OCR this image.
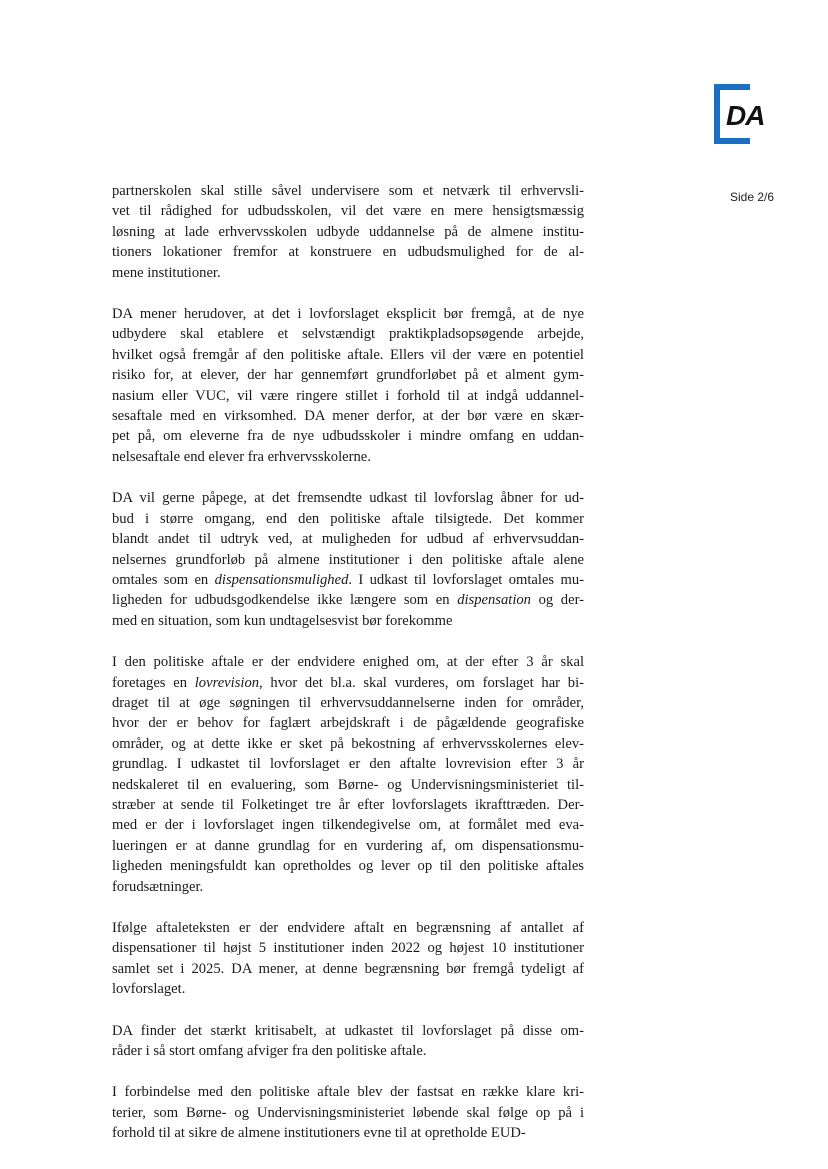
DA
Side 2/6

partnerskolen skal stille såvel undervisere som et netværk til erhvervsli-
vet til rådighed for udbudsskolen, vil det være en mere hensigtsmæssig
løsning at lade erhvervsskolen udbyde uddannelse på de almene institu-
tioners lokationer fremfor at konstruere en udbudsmulighed for de al-
mene institutioner.

DA mener herudover, at det i lovforslaget eksplicit bør fremgå, at de nye
udbydere skal etablere et selvstændigt praktikpladsopsøgende arbejde,
hvilket også fremgår af den politiske aftale. Ellers vil der være en potentiel
risiko for, at elever, der har gennemført grundforløbet på et alment gym-
nasium eller VUC, vil være ringere stillet i forhold til at indgå uddannel-
sesaftale med en virksomhed. DA mener derfor, at der bør være en skær-
pet på, om eleverne fra de nye udbudsskoler i mindre omfang en uddan-
nelsesaftale end elever fra erhvervsskolerne.

DA vil gerne påpege, at det fremsendte udkast til lovforslag åbner for ud-
bud i større omgang, end den politiske aftale tilsigtede. Det kommer
blandt andet til udtryk ved, at muligheden for udbud af erhvervsuddan-
nelsernes grundforløb på almene institutioner i den politiske aftale alene
omtales som en dispensationsmulighed. I udkast til lovforslaget omtales mu-
ligheden for udbudsgodkendelse ikke længere som en dispensation og der-
med en situation, som kun undtagelsesvist bør forekomme

I den politiske aftale er der endvidere enighed om, at der efter 3 år skal
foretages en lovrevision, hvor det bl.a. skal vurderes, om forslaget har bi-
draget til at øge søgningen til erhvervsuddannelserne inden for områder,
hvor der er behov for faglært arbejdskraft i de pågældende geografiske
områder, og at dette ikke er sket på bekostning af erhvervsskolernes elev-
grundlag. I udkastet til lovforslaget er den aftalte lovrevision efter 3 år
nedskaleret til en evaluering, som Børne- og Undervisningsministeriet til-
stræber at sende til Folketinget tre år efter lovforslagets ikrafttræden. Der-
med er der i lovforslaget ingen tilkendegivelse om, at formålet med eva-
lueringen er at danne grundlag for en vurdering af, om dispensationsmu-
ligheden meningsfuldt kan opretholdes og lever op til den politiske aftales
forudsætninger.

Ifølge aftaleteksten er der endvidere aftalt en begrænsning af antallet af
dispensationer til højst 5 institutioner inden 2022 og højest 10 institutioner
samlet set i 2025. DA mener, at denne begrænsning bør fremgå tydeligt af
lovforslaget.

DA finder det stærkt kritisabelt, at udkastet til lovforslaget på disse om-
råder i så stort omfang afviger fra den politiske aftale.

I forbindelse med den politiske aftale blev der fastsat en række klare kri-
terier, som Børne- og Undervisningsministeriet løbende skal følge op på i
forhold til at sikre de almene institutioners evne til at opretholde EUD-
